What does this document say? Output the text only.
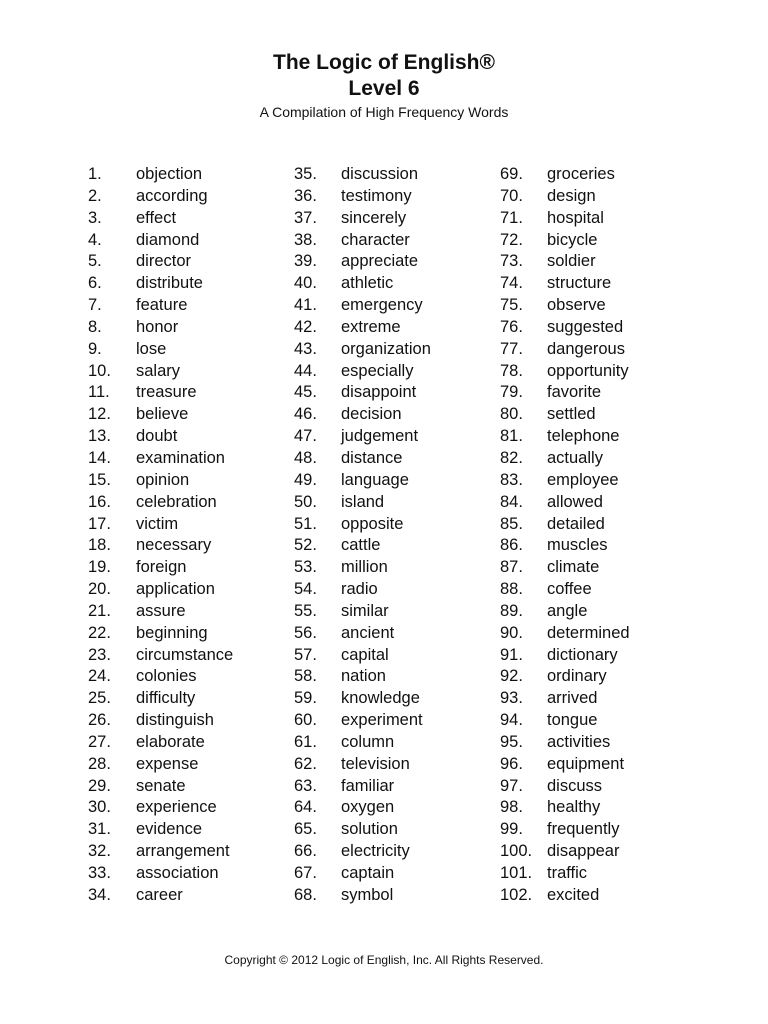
The Logic of English®

Level 6

A Compilation of High Frequency Words

1. objection
2. according
3. effect
4. diamond
5. director
6. distribute
7. feature
8. honor
9. lose
10. salary
11. treasure
12. believe
13. doubt
14. examination
15. opinion
16. celebration
17. victim
18. necessary
19. foreign
20. application
21. assure
22. beginning
23. circumstance
24. colonies
25. difficulty
26. distinguish
27. elaborate
28. expense
29. senate
30. experience
31. evidence
32. arrangement
33. association
34. career
35. discussion
36. testimony
37. sincerely
38. character
39. appreciate
40. athletic
41. emergency
42. extreme
43. organization
44. especially
45. disappoint
46. decision
47. judgement
48. distance
49. language
50. island
51. opposite
52. cattle
53. million
54. radio
55. similar
56. ancient
57. capital
58. nation
59. knowledge
60. experiment
61. column
62. television
63. familiar
64. oxygen
65. solution
66. electricity
67. captain
68. symbol
69. groceries
70. design
71. hospital
72. bicycle
73. soldier
74. structure
75. observe
76. suggested
77. dangerous
78. opportunity
79. favorite
80. settled
81. telephone
82. actually
83. employee
84. allowed
85. detailed
86. muscles
87. climate
88. coffee
89. angle
90. determined
91. dictionary
92. ordinary
93. arrived
94. tongue
95. activities
96. equipment
97. discuss
98. healthy
99. frequently
100. disappear
101. traffic
102. excited
Copyright © 2012 Logic of English, Inc. All Rights Reserved.
